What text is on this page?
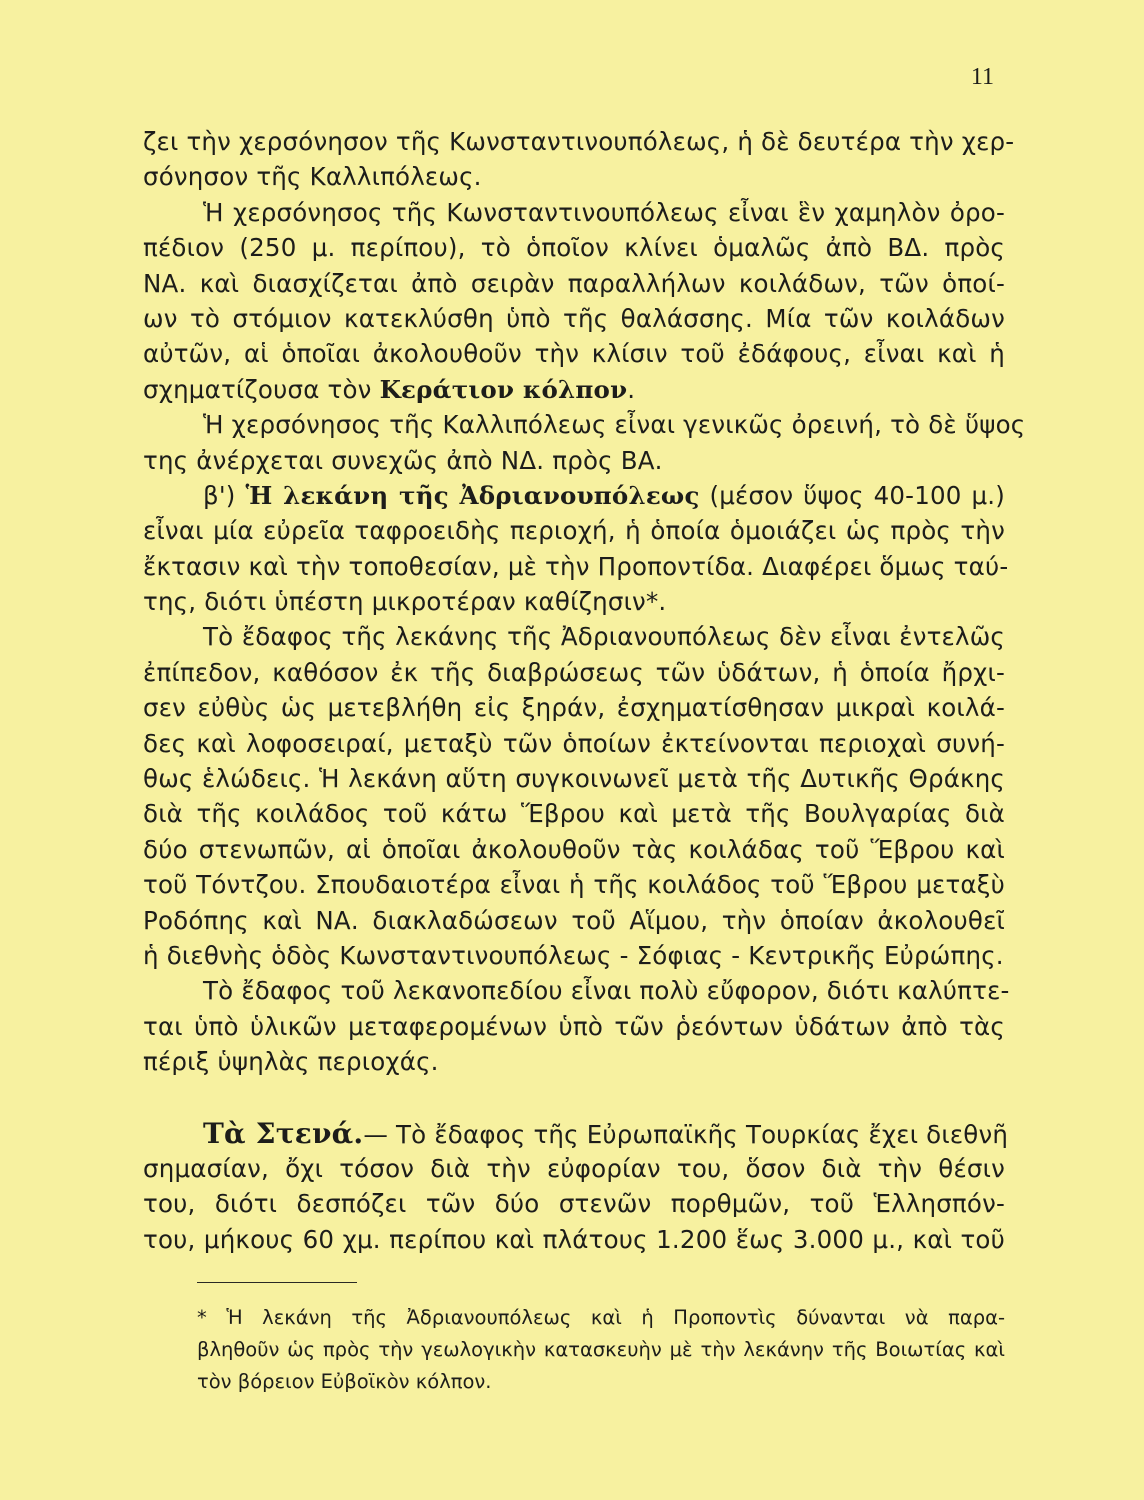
11
ζει τὴν χερσόνησον τῆς Κωνσταντινουπόλεως, ἡ δὲ δευτέρα τὴν χερ-
σόνησον τῆς Καλλιπόλεως.
Ἡ χερσόνησος τῆς Κωνσταντινουπόλεως εἶναι ἓν χαμηλὸν ὀρο-
πέδιον (250 μ. περίπου), τὸ ὁποῖον κλίνει ὁμαλῶς ἀπὸ ΒΔ. πρὸς
ΝΑ. καὶ διασχίζεται ἀπὸ σειρὰν παραλλήλων κοιλάδων, τῶν ὁποί-
ων τὸ στόμιον κατεκλύσθη ὑπὸ τῆς θαλάσσης. Μία τῶν κοιλάδων
αὐτῶν, αἱ ὁποῖαι ἀκολουθοῦν τὴν κλίσιν τοῦ ἐδάφους, εἶναι καὶ ἡ
σχηματίζουσα τὸν Κεράτιον κόλπον.
Ἡ χερσόνησος τῆς Καλλιπόλεως εἶναι γενικῶς ὀρεινή, τὸ δὲ ὕψος
της ἀνέρχεται συνεχῶς ἀπὸ ΝΔ. πρὸς ΒΑ.
β') Ἡ λεκάνη τῆς Ἀδριανουπόλεως (μέσον ὕψος 40-100 μ.)
εἶναι μία εὐρεῖα ταφροειδὴς περιοχή, ἡ ὁποία ὁμοιάζει ὡς πρὸς τὴν
ἔκτασιν καὶ τὴν τοποθεσίαν, μὲ τὴν Προποντίδα. Διαφέρει ὅμως ταύ-
της, διότι ὑπέστη μικροτέραν καθίζησιν*.
Τὸ ἔδαφος τῆς λεκάνης τῆς Ἀδριανουπόλεως δὲν εἶναι ἐντελῶς
ἐπίπεδον, καθόσον ἐκ τῆς διαβρώσεως τῶν ὑδάτων, ἡ ὁποία ἤρχι-
σεν εὐθὺς ὡς μετεβλήθη εἰς ξηράν, ἐσχηματίσθησαν μικραὶ κοιλά-
δες καὶ λοφοσειραί, μεταξὺ τῶν ὁποίων ἐκτείνονται περιοχαὶ συνή-
θως ἑλώδεις. Ἡ λεκάνη αὕτη συγκοινωνεῖ μετὰ τῆς Δυτικῆς Θράκης
διὰ τῆς κοιλάδος τοῦ κάτω Ἕβρου καὶ μετὰ τῆς Βουλγαρίας διὰ
δύο στενωπῶν, αἱ ὁποῖαι ἀκολουθοῦν τὰς κοιλάδας τοῦ Ἕβρου καὶ
τοῦ Τόντζου. Σπουδαιοτέρα εἶναι ἡ τῆς κοιλάδος τοῦ Ἕβρου μεταξὺ
Ροδόπης καὶ ΝΑ. διακλαδώσεων τοῦ Αἵμου, τὴν ὁποίαν ἀκολουθεῖ
ἡ διεθνὴς ὁδὸς Κωνσταντινουπόλεως - Σόφιας - Κεντρικῆς Εὐρώπης.
Τὸ ἔδαφος τοῦ λεκανοπεδίου εἶναι πολὺ εὔφορον, διότι καλύπτε-
ται ὑπὸ ὑλικῶν μεταφερομένων ὑπὸ τῶν ῥεόντων ὑδάτων ἀπὸ τὰς
πέριξ ὑψηλὰς περιοχάς.
Τὰ Στενά.— Τὸ ἔδαφος τῆς Εὐρωπαϊκῆς Τουρκίας ἔχει διεθνῆ
σημασίαν, ὄχι τόσον διὰ τὴν εὐφορίαν του, ὅσον διὰ τὴν θέσιν
του, διότι δεσπόζει τῶν δύο στενῶν πορθμῶν, τοῦ Ἑλλησπόν-
του, μήκους 60 χμ. περίπου καὶ πλάτους 1.200 ἕως 3.000 μ., καὶ τοῦ
* Ἡ λεκάνη τῆς Ἀδριανουπόλεως καὶ ἡ Προποντὶς δύνανται νὰ παρα-
βληθοῦν ὡς πρὸς τὴν γεωλογικὴν κατασκευὴν μὲ τὴν λεκάνην τῆς Βοιωτίας καὶ
τὸν βόρειον Εὐβοϊκὸν κόλπον.
